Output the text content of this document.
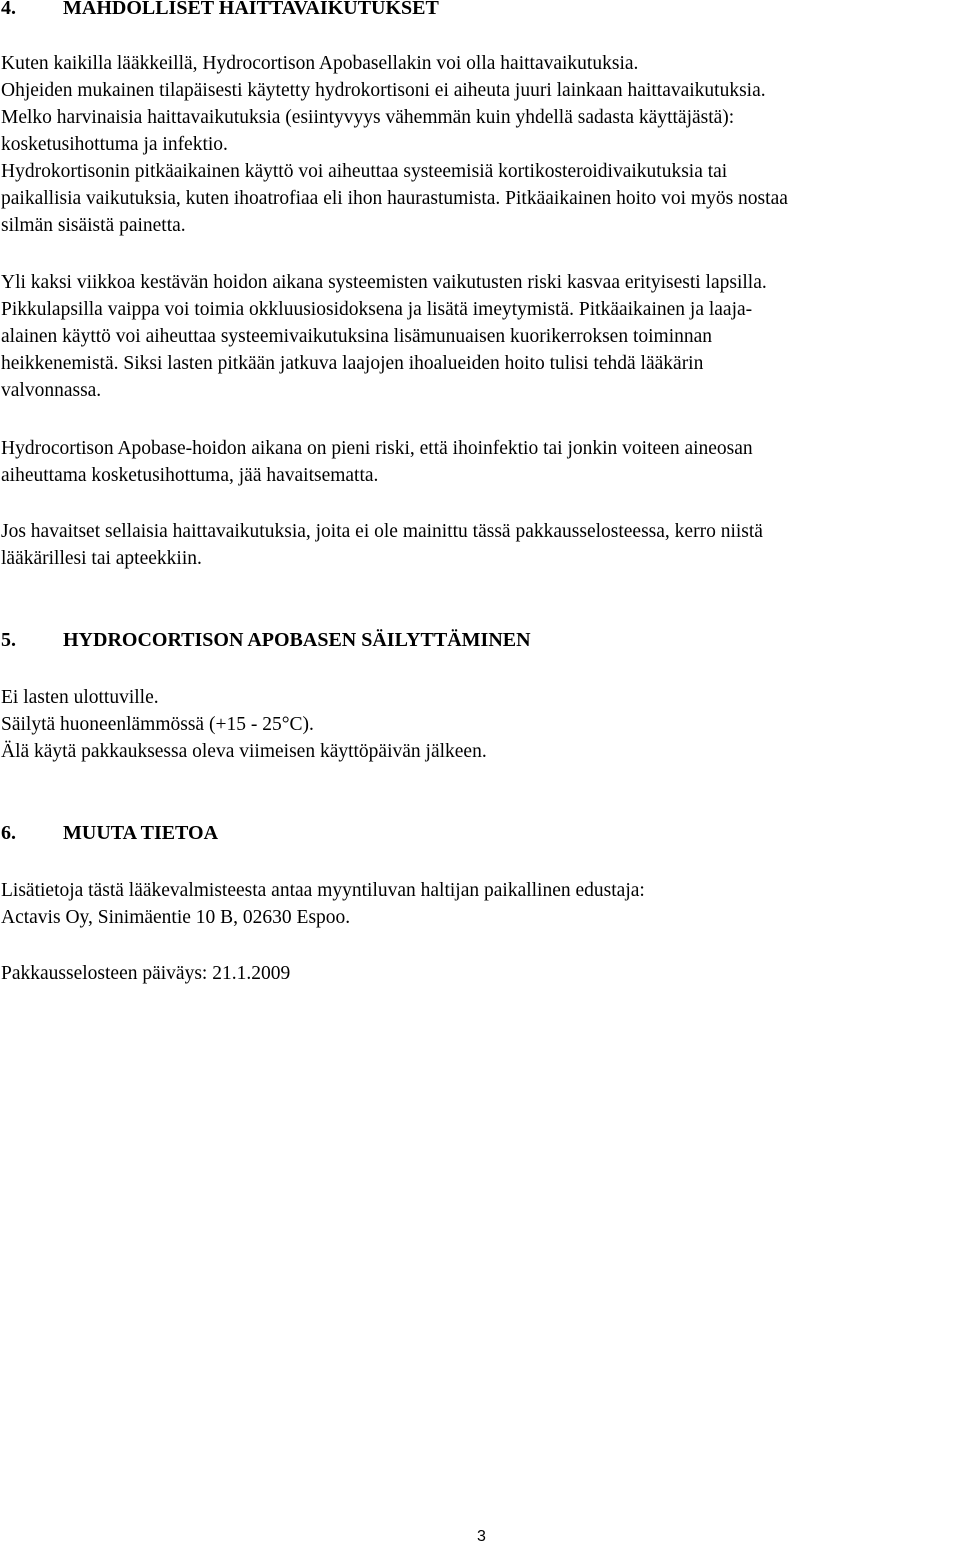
4. MAHDOLLISET HAITTAVAIKUTUKSET

Kuten kaikilla lääkkeillä, Hydrocortison Apobasellakin voi olla haittavaikutuksia.
Ohjeiden mukainen tilapäisesti käytetty hydrokortisoni ei aiheuta juuri lainkaan haittavaikutuksia.
Melko harvinaisia haittavaikutuksia (esiintyvyys vähemmän kuin yhdellä sadasta käyttäjästä):
kosketusihottuma ja infektio.
Hydrokortisonin pitkäaikainen käyttö voi aiheuttaa systeemisiä kortikosteroidivaikutuksia tai
paikallisia vaikutuksia, kuten ihoatrofiaa eli ihon haurastumista. Pitkäaikainen hoito voi myös nostaa
silmän sisäistä painetta.

Yli kaksi viikkoa kestävän hoidon aikana systeemisten vaikutusten riski kasvaa erityisesti lapsilla.
Pikkulapsilla vaippa voi toimia okkluusiosidoksena ja lisätä imeytymistä. Pitkäaikainen ja laaja-
alainen käyttö voi aiheuttaa systeemivaikutuksina lisämunuaisen kuorikerroksen toiminnan
heikkenemistä. Siksi lasten pitkään jatkuva laajojen ihoalueiden hoito tulisi tehdä lääkärin
valvonnassa.

Hydrocortison Apobase-hoidon aikana on pieni riski, että ihoinfektio tai jonkin voiteen aineosan
aiheuttama kosketusihottuma, jää havaitsematta.

Jos havaitset sellaisia haittavaikutuksia, joita ei ole mainittu tässä pakkausselosteessa, kerro niistä
lääkärillesi tai apteekkiin.

5. HYDROCORTISON APOBASEN SÄILYTTÄMINEN

Ei lasten ulottuville.
Säilytä huoneenlämmössä (+15 - 25°C).
Älä käytä pakkauksessa oleva viimeisen käyttöpäivän jälkeen.

6. MUUTA TIETOA

Lisätietoja tästä lääkevalmisteesta antaa myyntiluvan haltijan paikallinen edustaja:
Actavis Oy, Sinimäentie 10 B, 02630 Espoo.

Pakkausselosteen päiväys: 21.1.2009

3
